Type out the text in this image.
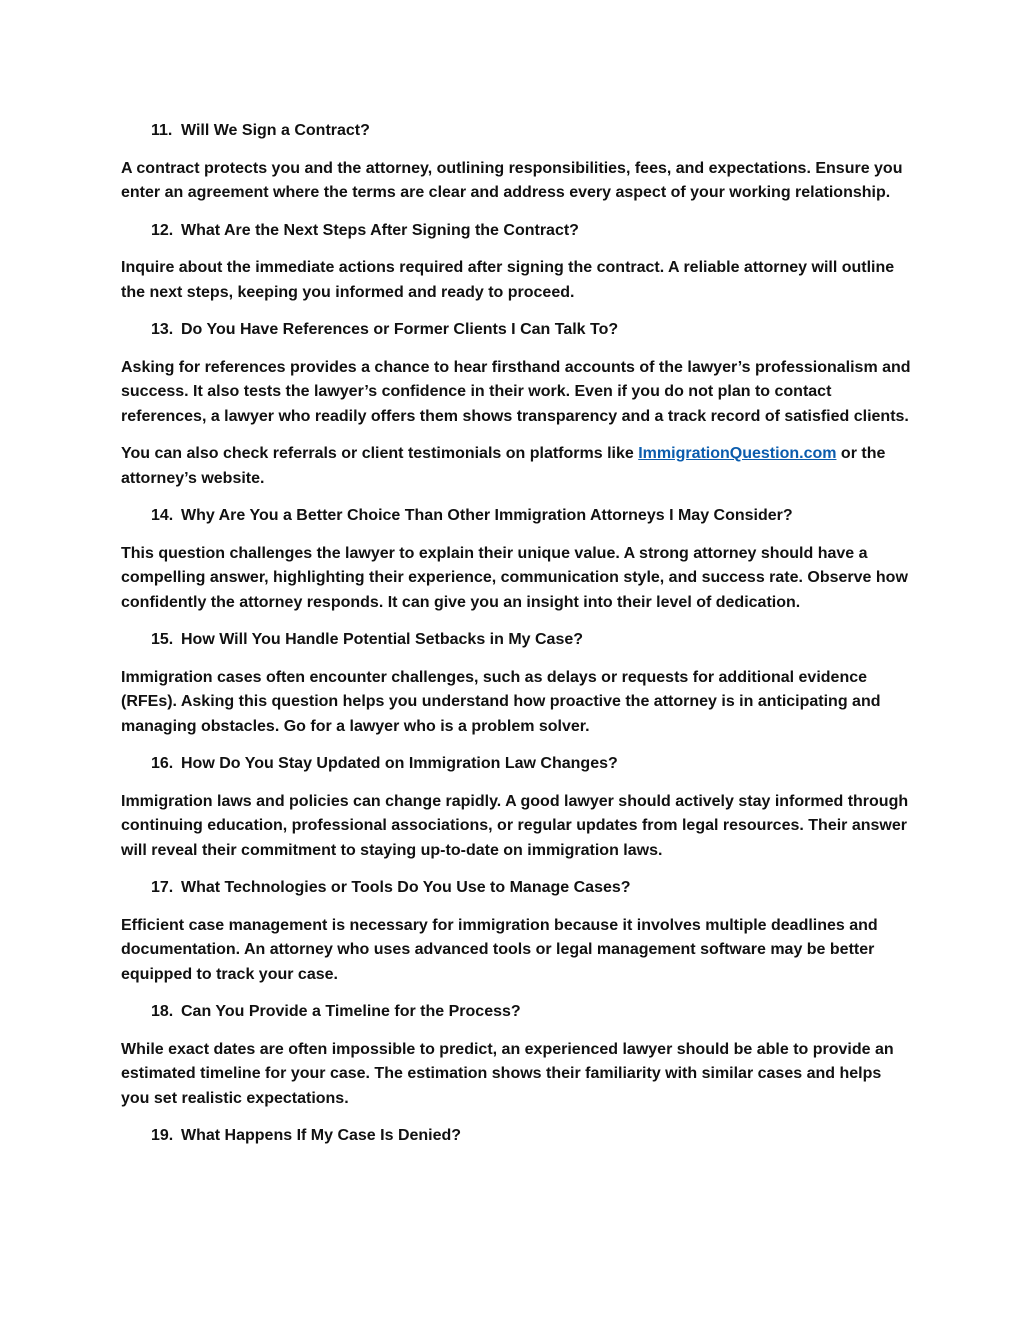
11. Will We Sign a Contract?
A contract protects you and the attorney, outlining responsibilities, fees, and expectations. Ensure you enter an agreement where the terms are clear and address every aspect of your working relationship.
12. What Are the Next Steps After Signing the Contract?
Inquire about the immediate actions required after signing the contract. A reliable attorney will outline the next steps, keeping you informed and ready to proceed.
13. Do You Have References or Former Clients I Can Talk To?
Asking for references provides a chance to hear firsthand accounts of the lawyer’s professionalism and success. It also tests the lawyer’s confidence in their work. Even if you do not plan to contact references, a lawyer who readily offers them shows transparency and a track record of satisfied clients.
You can also check referrals or client testimonials on platforms like ImmigrationQuestion.com or the attorney’s website.
14. Why Are You a Better Choice Than Other Immigration Attorneys I May Consider?
This question challenges the lawyer to explain their unique value. A strong attorney should have a compelling answer, highlighting their experience, communication style, and success rate. Observe how confidently the attorney responds. It can give you an insight into their level of dedication.
15. How Will You Handle Potential Setbacks in My Case?
Immigration cases often encounter challenges, such as delays or requests for additional evidence (RFEs). Asking this question helps you understand how proactive the attorney is in anticipating and managing obstacles. Go for a lawyer who is a problem solver.
16. How Do You Stay Updated on Immigration Law Changes?
Immigration laws and policies can change rapidly. A good lawyer should actively stay informed through continuing education, professional associations, or regular updates from legal resources. Their answer will reveal their commitment to staying up-to-date on immigration laws.
17. What Technologies or Tools Do You Use to Manage Cases?
Efficient case management is necessary for immigration because it involves multiple deadlines and documentation. An attorney who uses advanced tools or legal management software may be better equipped to track your case.
18. Can You Provide a Timeline for the Process?
While exact dates are often impossible to predict, an experienced lawyer should be able to provide an estimated timeline for your case. The estimation shows their familiarity with similar cases and helps you set realistic expectations.
19. What Happens If My Case Is Denied?
